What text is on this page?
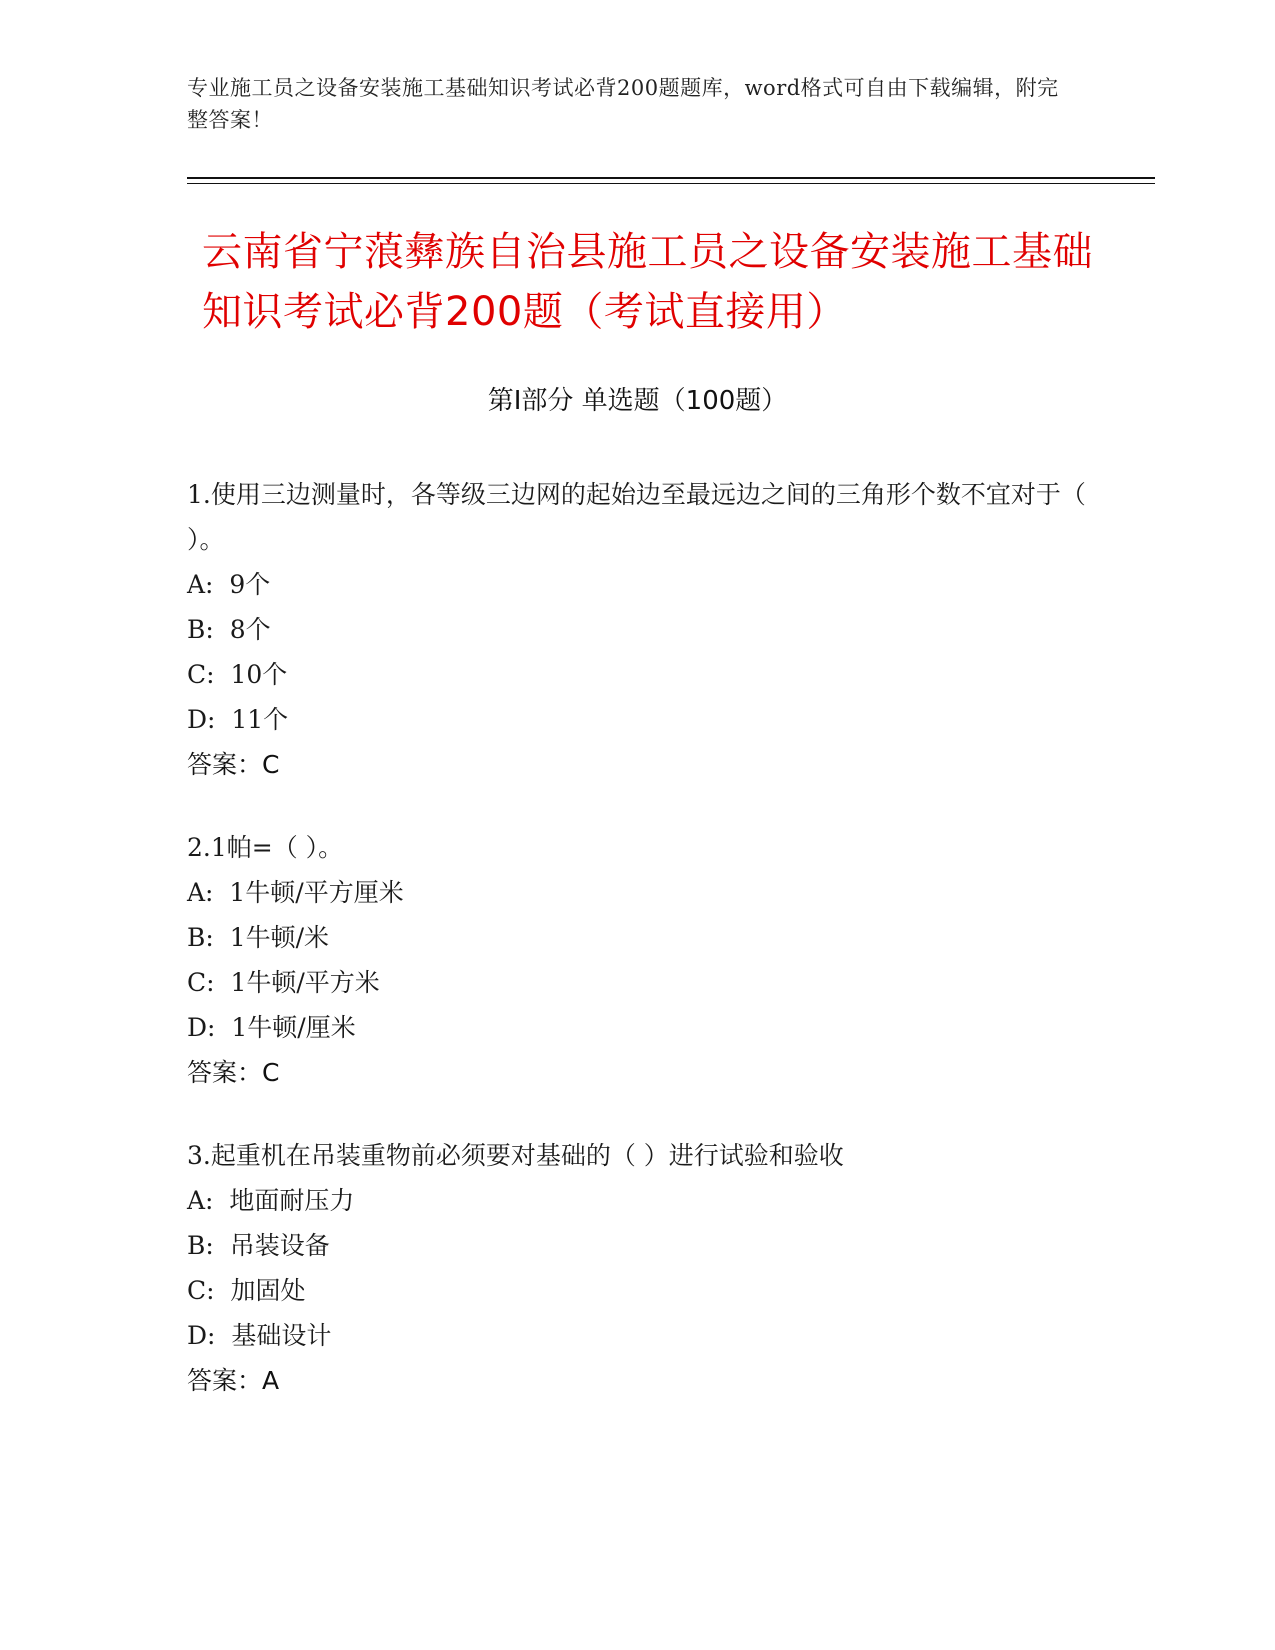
专业施工员之设备安装施工基础知识考试必背200题题库，word格式可自由下载编辑，附完整答案！
云南省宁蒗彝族自治县施工员之设备安装施工基础知识考试必背200题（考试直接用）
第Ⅰ部分 单选题（100题）

1.使用三边测量时，各等级三边网的起始边至最远边之间的三角形个数不宜对于（ ）。

A:  9个
B:  8个
C:  10个
D:  11个
答案：C

2.1帕=（ ）。

A:  1牛顿/平方厘米
B:  1牛顿/米
C:  1牛顿/平方米
D:  1牛顿/厘米
答案：C

3.起重机在吊装重物前必须要对基础的（ ）进行试验和验收

A:  地面耐压力
B:  吊装设备
C:  加固处
D:  基础设计
答案：A
